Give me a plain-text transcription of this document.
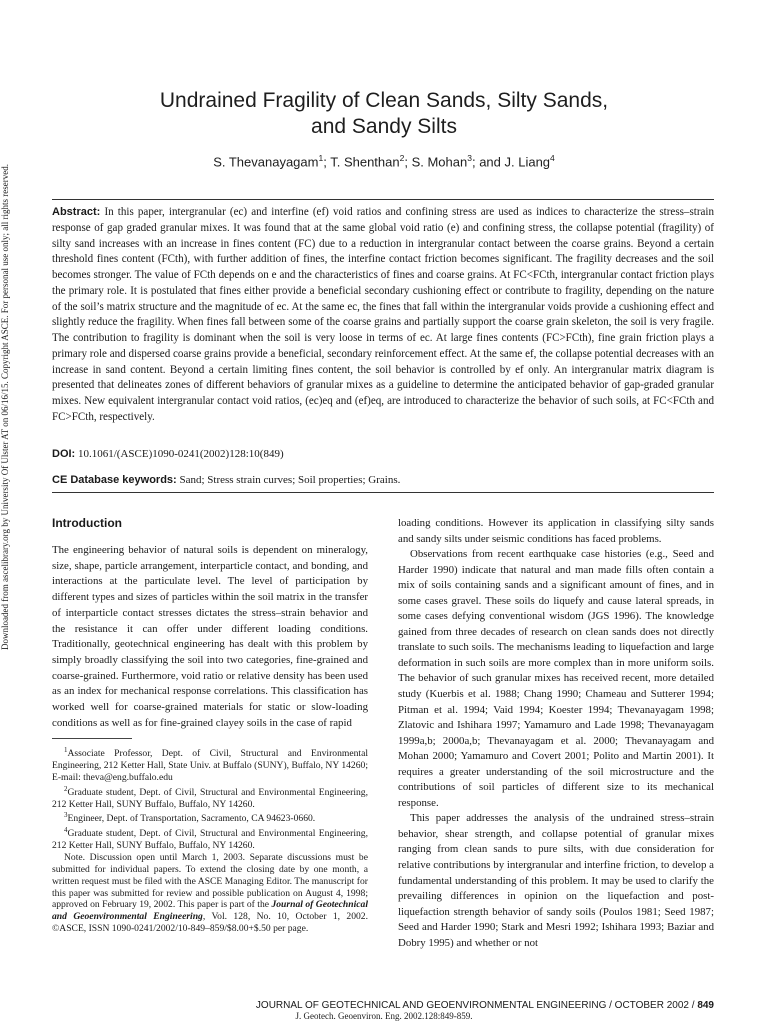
Undrained Fragility of Clean Sands, Silty Sands,
and Sandy Silts
S. Thevanayagam$^1$; T. Shenthan$^2$; S. Mohan$^3$; and J. Liang$^4$
Abstract: In this paper, intergranular (ec) and interfine (ef) void ratios and confining stress are used as indices to characterize the stress–strain response of gap graded granular mixes. It was found that at the same global void ratio (e) and confining stress, the collapse potential (fragility) of silty sand increases with an increase in fines content (FC) due to a reduction in intergranular contact between the coarse grains. Beyond a certain threshold fines content (FCth), with further addition of fines, the interfine contact friction becomes significant. The fragility decreases and the soil becomes stronger. The value of FCth depends on e and the characteristics of fines and coarse grains. At FC<FCth, intergranular contact friction plays the primary role. It is postulated that fines either provide a beneficial secondary cushioning effect or contribute to fragility, depending on the nature of the soil’s matrix structure and the magnitude of ec. At the same ec, the fines that fall within the intergranular voids provide a cushioning effect and slightly reduce the fragility. When fines fall between some of the coarse grains and partially support the coarse grain skeleton, the soil is very fragile. The contribution to fragility is dominant when the soil is very loose in terms of ec. At large fines contents (FC>FCth), fine grain friction plays a primary role and dispersed coarse grains provide a beneficial, secondary reinforcement effect. At the same ef, the collapse potential decreases with an increase in sand content. Beyond a certain limiting fines content, the soil behavior is controlled by ef only. An intergranular matrix diagram is presented that delineates zones of different behaviors of granular mixes as a guideline to determine the anticipated behavior of gap-graded granular mixes. New equivalent intergranular contact void ratios, (ec)eq and (ef)eq, are introduced to characterize the behavior of such soils, at FC<FCth and FC>FCth, respectively.
DOI: 10.1061/(ASCE)1090-0241(2002)128:10(849)
CE Database keywords: Sand; Stress strain curves; Soil properties; Grains.
Introduction

The engineering behavior of natural soils is dependent on mineralogy, size, shape, particle arrangement, interparticle contact, and bonding, and interactions at the particulate level. The level of participation by different types and sizes of particles within the soil matrix in the transfer of interparticle contact stresses dictates the stress–strain behavior and the resistance it can offer under different loading conditions. Traditionally, geotechnical engineering has dealt with this problem by simply broadly classifying the soil into two categories, fine-grained and coarse-grained. Furthermore, void ratio or relative density has been used as an index for mechanical response correlations. This classification has worked well for coarse-grained materials for static or slow-loading conditions as well as for fine-grained clayey soils in the case of rapid

$^1$Associate Professor, Dept. of Civil, Structural and Environmental Engineering, 212 Ketter Hall, State Univ. at Buffalo (SUNY), Buffalo, NY 14260; E-mail: theva@eng.buffalo.edu

$^2$Graduate student, Dept. of Civil, Structural and Environmental Engineering, 212 Ketter Hall, SUNY Buffalo, Buffalo, NY 14260.

$^3$Engineer, Dept. of Transportation, Sacramento, CA 94623-0660.

$^4$Graduate student, Dept. of Civil, Structural and Environmental Engineering, 212 Ketter Hall, SUNY Buffalo, Buffalo, NY 14260.

Note. Discussion open until March 1, 2003. Separate discussions must be submitted for individual papers. To extend the closing date by one month, a written request must be filed with the ASCE Managing Editor. The manuscript for this paper was submitted for review and possible publication on August 4, 1998; approved on February 19, 2002. This paper is part of the Journal of Geotechnical and Geoenvironmental Engineering, Vol. 128, No. 10, October 1, 2002. ©ASCE, ISSN 1090-0241/2002/10-849–859/$8.00+$.50 per page.

loading conditions. However its application in classifying silty sands and sandy silts under seismic conditions has faced problems.

Observations from recent earthquake case histories (e.g., Seed and Harder 1990) indicate that natural and man made fills often contain a mix of soils containing sands and a significant amount of fines, and in some cases gravel. These soils do liquefy and cause lateral spreads, in some cases defying conventional wisdom (JGS 1996). The knowledge gained from three decades of research on clean sands does not directly translate to such soils. The mechanisms leading to liquefaction and large deformation in such soils are more complex than in more uniform soils. The behavior of such granular mixes has received recent, more detailed study (Kuerbis et al. 1988; Chang 1990; Chameau and Sutterer 1994; Pitman et al. 1994; Vaid 1994; Koester 1994; Thevanayagam 1998; Zlatovic and Ishihara 1997; Yamamuro and Lade 1998; Thevanayagam 1999a,b; 2000a,b; Thevanayagam et al. 2000; Thevanayagam and Mohan 2000; Yamamuro and Covert 2001; Polito and Martin 2001). It requires a greater understanding of the soil microstructure and the contributions of soil particles of different size to its mechanical response.

This paper addresses the analysis of the undrained stress–strain behavior, shear strength, and collapse potential of granular mixes ranging from clean sands to pure silts, with due consideration for relative contributions by intergranular and interfine friction, to develop a fundamental understanding of this problem. It may be used to clarify the prevailing differences in opinion on the liquefaction and post-liquefaction strength behavior of sandy soils (Poulos 1981; Seed 1987; Seed and Harder 1990; Stark and Mesri 1992; Ishihara 1993; Baziar and Dobry 1995) and whether or not

JOURNAL OF GEOTECHNICAL AND GEOENVIRONMENTAL ENGINEERING / OCTOBER 2002 / 849
J. Geotech. Geoenviron. Eng. 2002.128:849-859.
Downloaded from ascelibrary.org by University Of Ulster AT on 06/16/15. Copyright ASCE. For personal use only; all rights reserved.
